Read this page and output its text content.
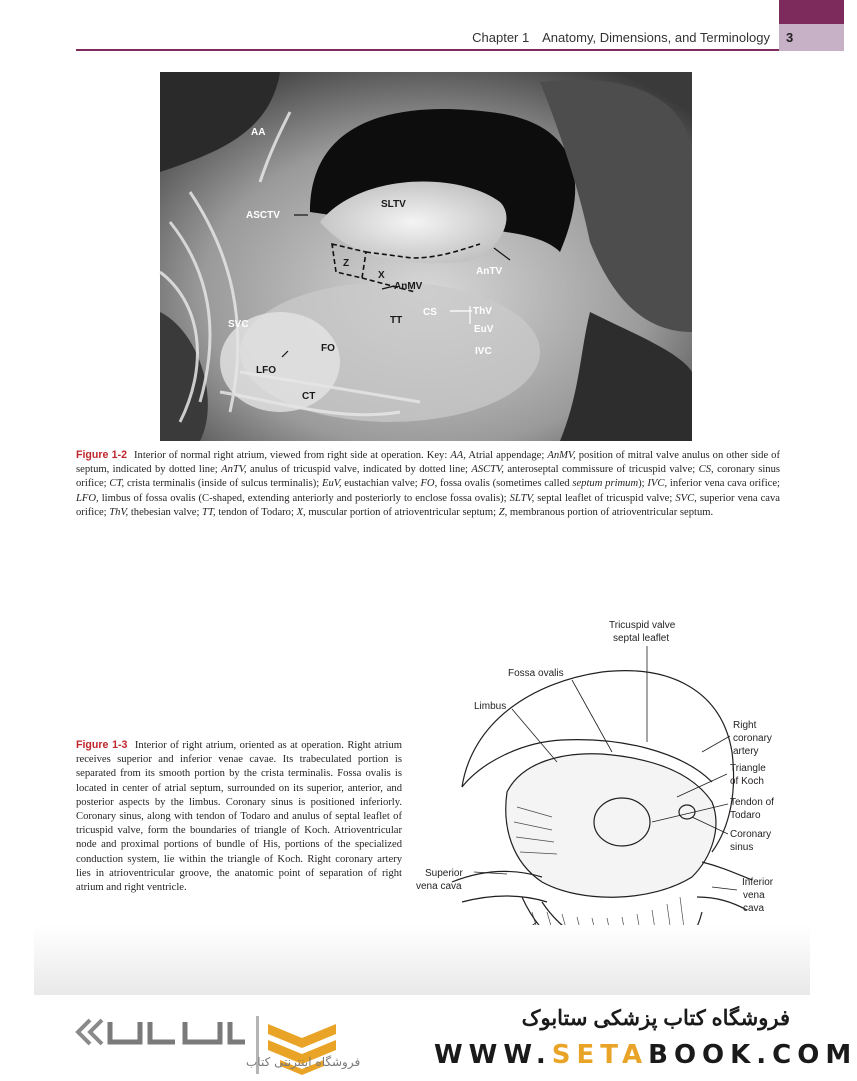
Chapter 1 Anatomy, Dimensions, and Terminology 3
AA
ASCTV
SLTV
Z
X	AnTV
AnMV
CS	ThV
TT
EuV
SVC
FO	IVC
LFO
CT

Figure 1-2 Interior of normal right atrium, viewed from right side at operation. Key: AA, Atrial appendage; AnMV, position of mitral valve anulus on other side of septum, indicated by dotted line; AnTV, anulus of tricuspid valve, indicated by dotted line; ASCTV, anteroseptal commissure of tricuspid valve; CS, coronary sinus orifice; CT, crista terminalis (inside of sulcus terminalis); EuV, eustachian valve; FO, fossa ovalis (sometimes called septum primum); IVC, inferior vena cava orifice; LFO, limbus of fossa ovalis (C-shaped, extending anteriorly and posteriorly to enclose fossa ovalis); SLTV, septal leaflet of tricuspid valve; SVC, superior vena cava orifice; ThV, thebesian valve; TT, tendon of Todaro; X, muscular portion of atrioventricular septum; Z, membranous portion of atrioventricular septum.

Figure 1-3 Interior of right atrium, oriented as at operation. Right atrium receives superior and inferior venae cavae. Its trabeculated portion is separated from its smooth portion by the crista terminalis. Fossa ovalis is located in center of atrial septum, surrounded on its superior, anterior, and posterior aspects by the limbus. Coronary sinus is positioned inferiorly. Coronary sinus, along with tendon of Todaro and anulus of septal leaflet of tricuspid valve, form the boundaries of triangle of Koch. Atrioventricular node and proximal portions of bundle of His, portions of the specialized conduction system, lie within the triangle of Koch. Right coronary artery lies in atrioventricular groove, the anatomic point of separation of right atrium and right ventricle.

Tricuspid valve
septal leaflet
Fossa ovalis
Limbus
Right
coronary
artery
Triangle
of Koch
Tendon of
Todaro
Coronary
sinus
Superior
vena cava	Inferior
vena
cava
فروشگاه اینترنتی کتاب
فروشگاه کتاب پزشکی ستابوک
WWW.SETABOOK.COM
